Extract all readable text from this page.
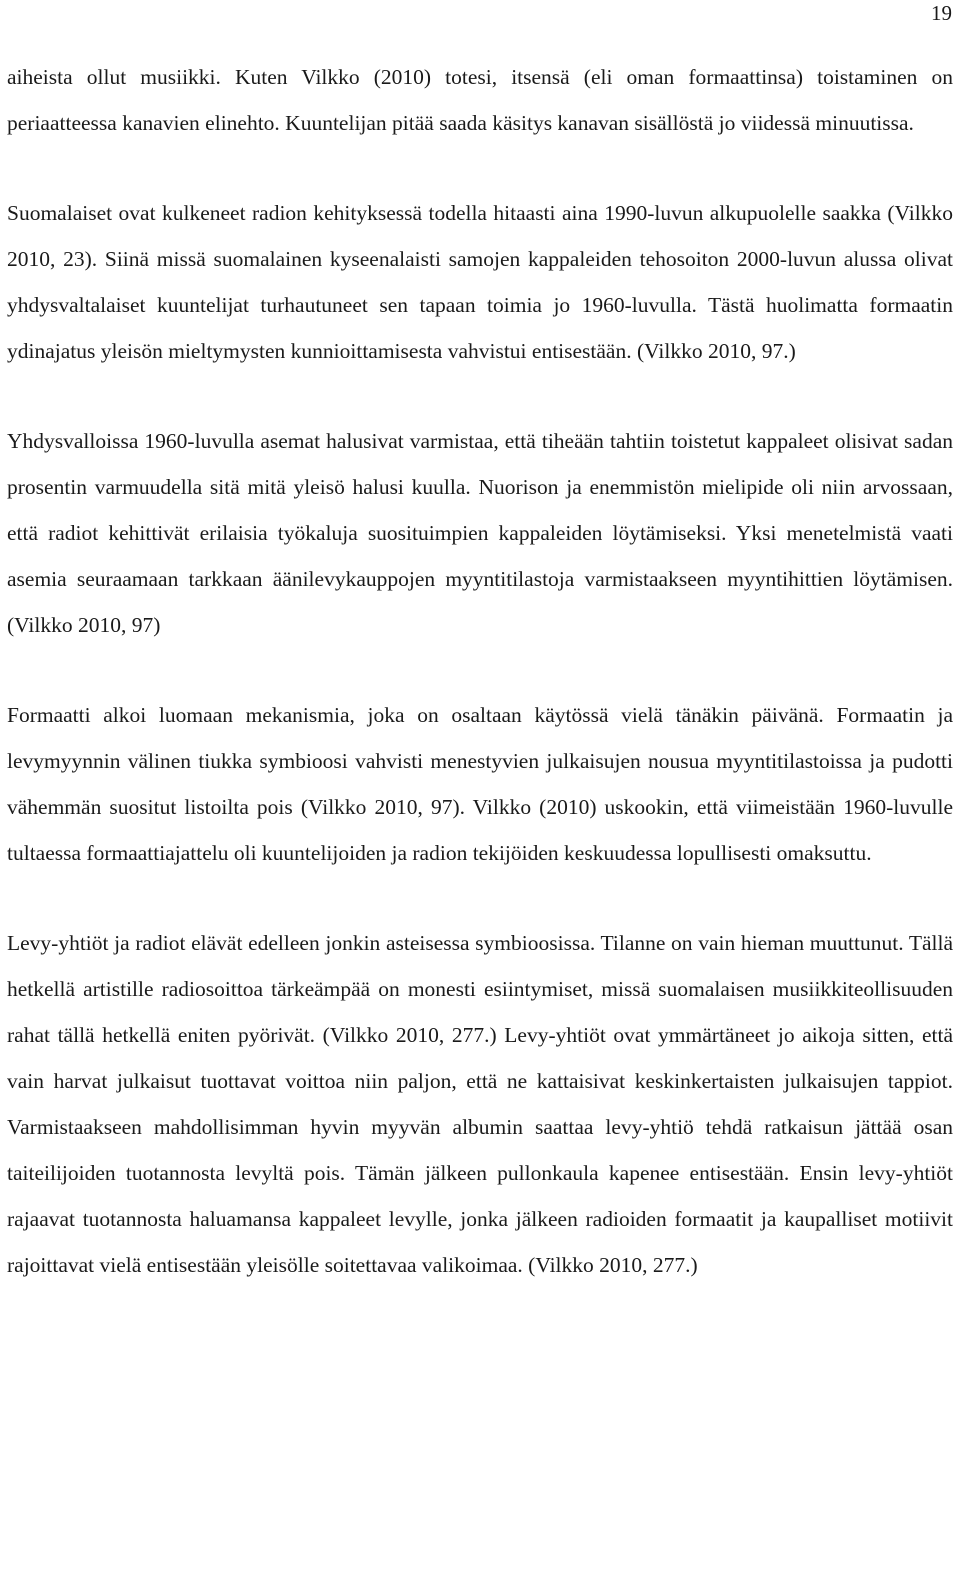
19

aiheista ollut musiikki. Kuten Vilkko (2010) totesi, itsensä (eli oman formaattinsa) toistaminen on periaatteessa kanavien elinehto. Kuuntelijan pitää saada käsitys kanavan sisällöstä jo viidessä minuutissa.

Suomalaiset ovat kulkeneet radion kehityksessä todella hitaasti aina 1990-luvun alkupuolelle saakka (Vilkko 2010, 23). Siinä missä suomalainen kyseenalaisti samojen kappaleiden tehosoiton 2000-luvun alussa olivat yhdysvaltalaiset kuuntelijat turhautuneet sen tapaan toimia jo 1960-luvulla. Tästä huolimatta formaatin ydinajatus yleisön mieltymysten kunnioittamisesta vahvistui entisestään. (Vilkko 2010, 97.)

Yhdysvalloissa 1960-luvulla asemat halusivat varmistaa, että tiheään tahtiin toistetut kappaleet olisivat sadan prosentin varmuudella sitä mitä yleisö halusi kuulla. Nuorison ja enemmistön mielipide oli niin arvossaan, että radiot kehittivät erilaisia työkaluja suosituimpien kappaleiden löytämiseksi. Yksi menetelmistä vaati asemia seuraamaan tarkkaan äänilevykauppojen myyntitilastoja varmistaakseen myyntihittien löytämisen. (Vilkko 2010, 97)

Formaatti alkoi luomaan mekanismia, joka on osaltaan käytössä vielä tänäkin päivänä. Formaatin ja levymyynnin välinen tiukka symbioosi vahvisti menestyvien julkaisujen nousua myyntitilastoissa ja pudotti vähemmän suositut listoilta pois (Vilkko 2010, 97). Vilkko (2010) uskookin, että viimeistään 1960-luvulle tultaessa formaattiajattelu oli kuuntelijoiden ja radion tekijöiden keskuudessa lopullisesti omaksuttu.

Levy-yhtiöt ja radiot elävät edelleen jonkin asteisessa symbioosissa. Tilanne on vain hieman muuttunut. Tällä hetkellä artistille radiosoittoa tärkeämpää on monesti esiintymiset, missä suomalaisen musiikkiteollisuuden rahat tällä hetkellä eniten pyörivät. (Vilkko 2010, 277.) Levy-yhtiöt ovat ymmärtäneet jo aikoja sitten, että vain harvat julkaisut tuottavat voittoa niin paljon, että ne kattaisivat keskinkertaisten julkaisujen tappiot. Varmistaakseen mahdollisimman hyvin myyvän albumin saattaa levy-yhtiö tehdä ratkaisun jättää osan taiteilijoiden tuotannosta levyltä pois. Tämän jälkeen pullonkaula kapenee entisestään. Ensin levy-yhtiöt rajaavat tuotannosta haluamansa kappaleet levylle, jonka jälkeen radioiden formaatit ja kaupalliset motiivit rajoittavat vielä entisestään yleisölle soitettavaa valikoimaa. (Vilkko 2010, 277.)
